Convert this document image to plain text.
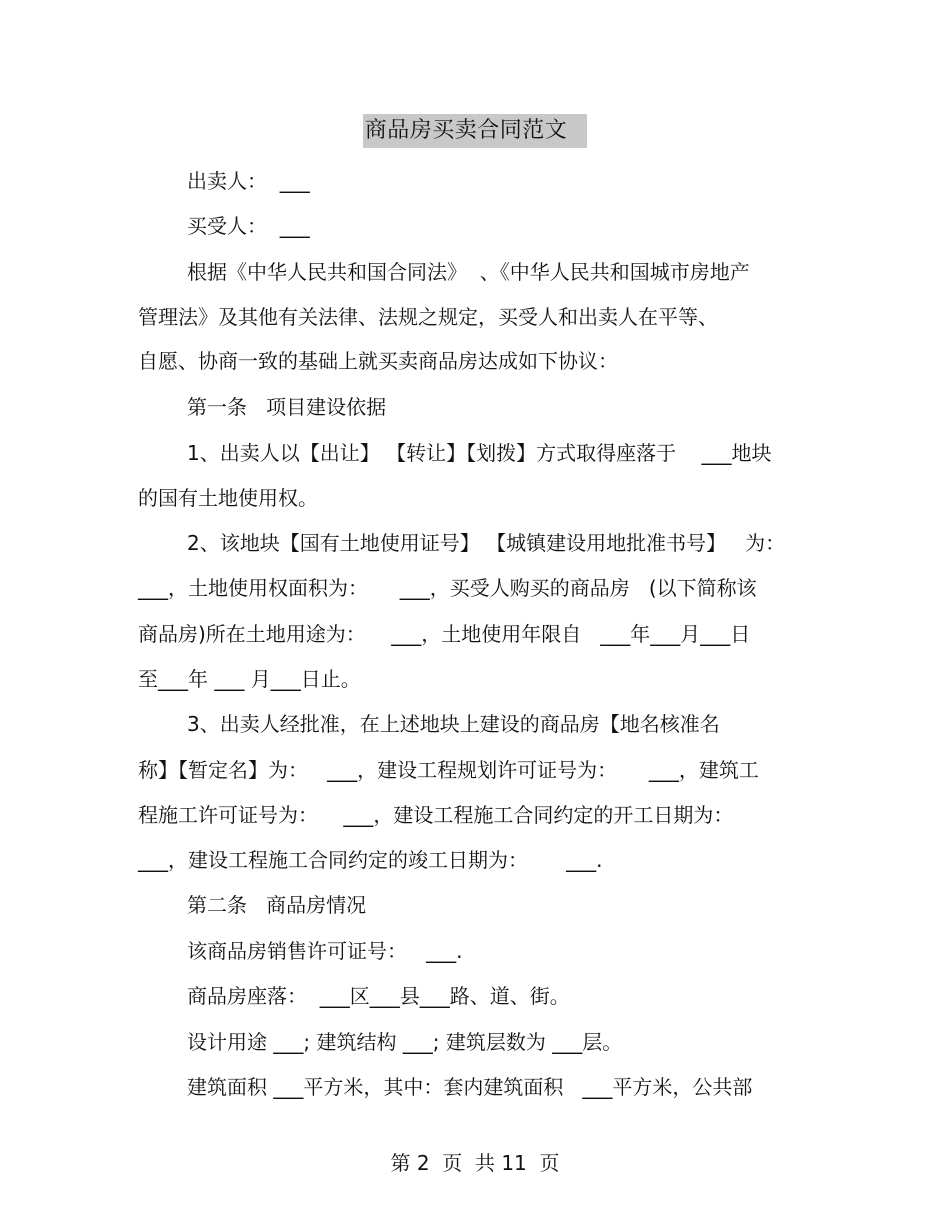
商品房买卖合同范文
出卖人：  ___
买受人：  ___
根据《中华人民共和国合同法》  、《中华人民共和国城市房地产
管理法》及其他有关法律、法规之规定，买受人和出卖人在平等、
自愿、协商一致的基础上就买卖商品房达成如下协议：
第一条   项目建设依据
1、出卖人以【出让】 【转让】【划拨】方式取得座落于    ___地块
的国有土地使用权。
2、该地块【国有土地使用证号】 【城镇建设用地批准书号】   为：
___，土地使用权面积为：     ___，买受人购买的商品房   (以下简称该
商品房)所在土地用途为：    ___，土地使用年限自   ___年___月___日
至___年 ___ 月___日止。
3、出卖人经批准，在上述地块上建设的商品房【地名核准名
称】【暂定名】为：   ___，建设工程规划许可证号为：     ___，建筑工
程施工许可证号为：    ___，建设工程施工合同约定的开工日期为：
___，建设工程施工合同约定的竣工日期为：      ___.
第二条   商品房情况
该商品房销售许可证号：   ___.
商品房座落：  ___区___县___路、道、街。
设计用途 ___; 建筑结构 ___; 建筑层数为 ___层。
建筑面积 ___平方米，其中：套内建筑面积   ___平方米，公共部
第 2  页  共 11  页
